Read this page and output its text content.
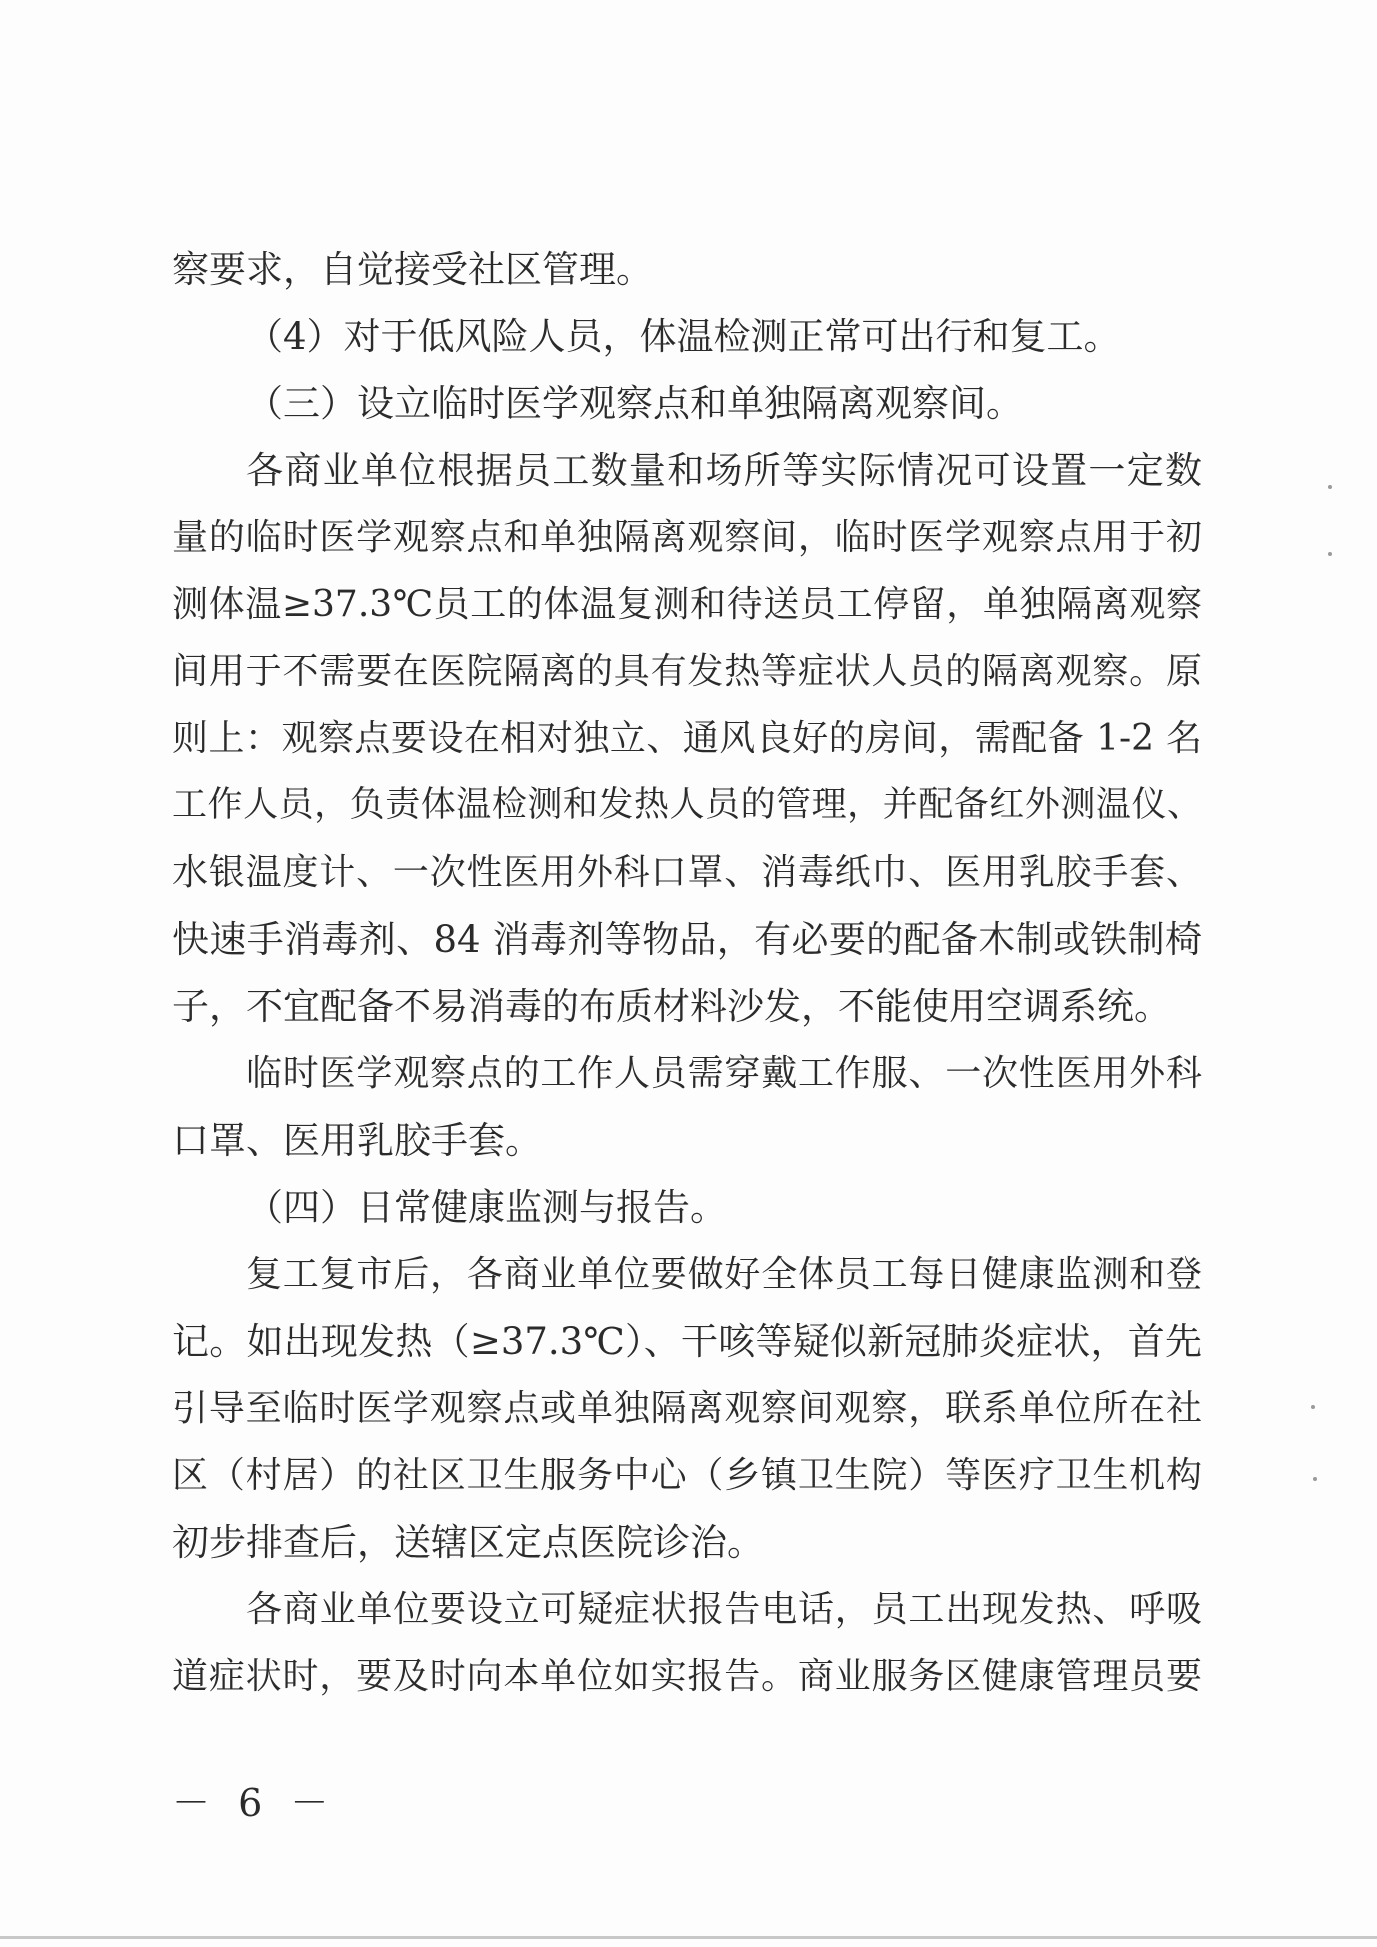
察要求，自觉接受社区管理。
（4）对于低风险人员，体温检测正常可出行和复工。
（三）设立临时医学观察点和单独隔离观察间。
各商业单位根据员工数量和场所等实际情况可设置一定数
量的临时医学观察点和单独隔离观察间，临时医学观察点用于初
测体温≥37.3℃员工的体温复测和待送员工停留，单独隔离观察
间用于不需要在医院隔离的具有发热等症状人员的隔离观察。原
则上：观察点要设在相对独立、通风良好的房间，需配备 1-2 名
工作人员，负责体温检测和发热人员的管理，并配备红外测温仪、
水银温度计、一次性医用外科口罩、消毒纸巾、医用乳胶手套、
快速手消毒剂、84 消毒剂等物品，有必要的配备木制或铁制椅
子，不宜配备不易消毒的布质材料沙发，不能使用空调系统。
临时医学观察点的工作人员需穿戴工作服、一次性医用外科
口罩、医用乳胶手套。
（四）日常健康监测与报告。
复工复市后，各商业单位要做好全体员工每日健康监测和登
记。如出现发热（≥37.3℃）、干咳等疑似新冠肺炎症状，首先
引导至临时医学观察点或单独隔离观察间观察，联系单位所在社
区（村居）的社区卫生服务中心（乡镇卫生院）等医疗卫生机构
初步排查后，送辖区定点医院诊治。
各商业单位要设立可疑症状报告电话，员工出现发热、呼吸
道症状时，要及时向本单位如实报告。商业服务区健康管理员要
－ 6 －
